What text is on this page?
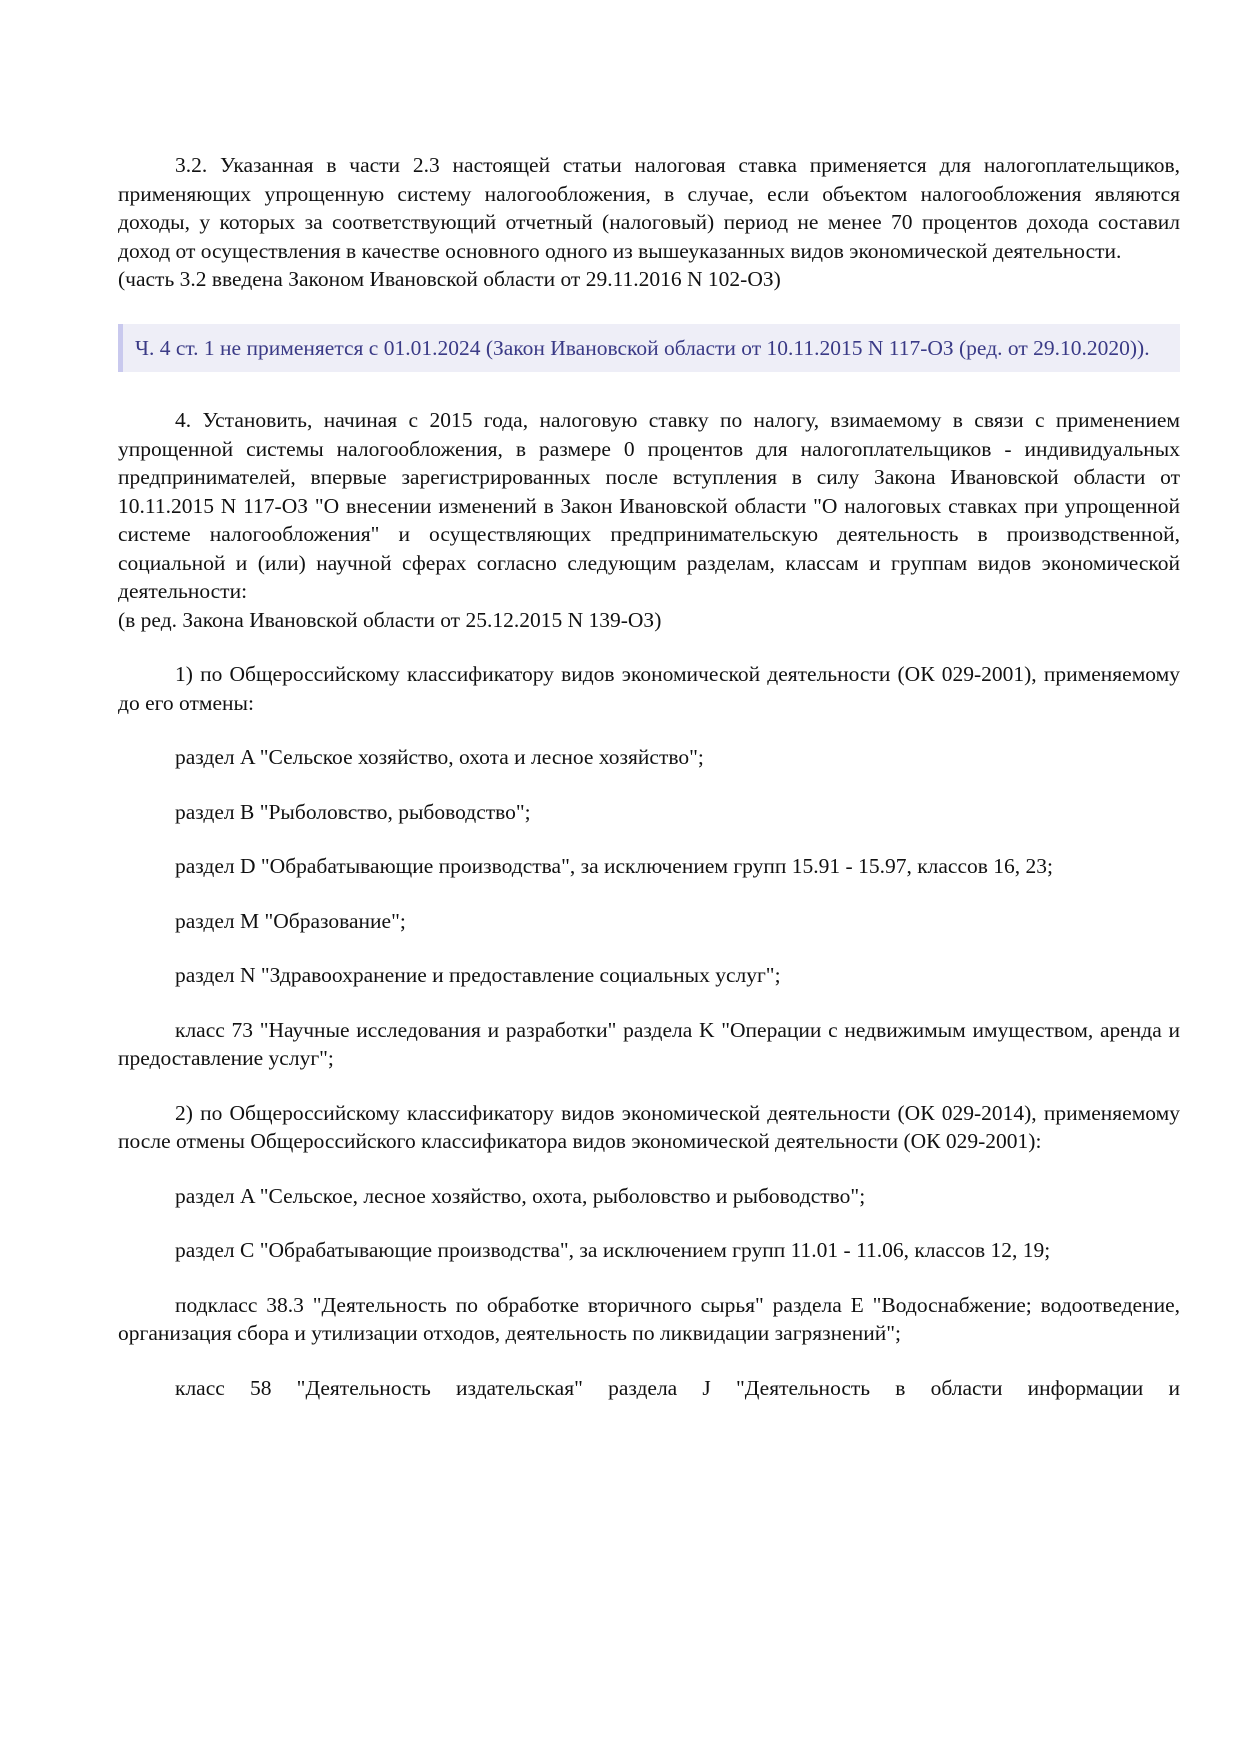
3.2. Указанная в части 2.3 настоящей статьи налоговая ставка применяется для налогоплательщиков, применяющих упрощенную систему налогообложения, в случае, если объектом налогообложения являются доходы, у которых за соответствующий отчетный (налоговый) период не менее 70 процентов дохода составил доход от осуществления в качестве основного одного из вышеуказанных видов экономической деятельности.

(часть 3.2 введена Законом Ивановской области от 29.11.2016 N 102-ОЗ)

Ч. 4 ст. 1 не применяется с 01.01.2024 (Закон Ивановской области от 10.11.2015 N 117-ОЗ (ред. от 29.10.2020)).

4. Установить, начиная с 2015 года, налоговую ставку по налогу, взимаемому в связи с применением упрощенной системы налогообложения, в размере 0 процентов для налогоплательщиков - индивидуальных предпринимателей, впервые зарегистрированных после вступления в силу Закона Ивановской области от 10.11.2015 N 117-ОЗ "О внесении изменений в Закон Ивановской области "О налоговых ставках при упрощенной системе налогообложения" и осуществляющих предпринимательскую деятельность в производственной, социальной и (или) научной сферах согласно следующим разделам, классам и группам видов экономической деятельности:

(в ред. Закона Ивановской области от 25.12.2015 N 139-ОЗ)

1) по Общероссийскому классификатору видов экономической деятельности (ОК 029-2001), применяемому до его отмены:

раздел A "Сельское хозяйство, охота и лесное хозяйство";

раздел B "Рыболовство, рыбоводство";

раздел D "Обрабатывающие производства", за исключением групп 15.91 - 15.97, классов 16, 23;

раздел M "Образование";

раздел N "Здравоохранение и предоставление социальных услуг";

класс 73 "Научные исследования и разработки" раздела K "Операции с недвижимым имуществом, аренда и предоставление услуг";

2) по Общероссийскому классификатору видов экономической деятельности (ОК 029-2014), применяемому после отмены Общероссийского классификатора видов экономической деятельности (ОК 029-2001):

раздел A "Сельское, лесное хозяйство, охота, рыболовство и рыбоводство";

раздел C "Обрабатывающие производства", за исключением групп 11.01 - 11.06, классов 12, 19;

подкласс 38.3 "Деятельность по обработке вторичного сырья" раздела E "Водоснабжение; водоотведение, организация сбора и утилизации отходов, деятельность по ликвидации загрязнений";

класс 58 "Деятельность издательская" раздела J "Деятельность в области информации и
